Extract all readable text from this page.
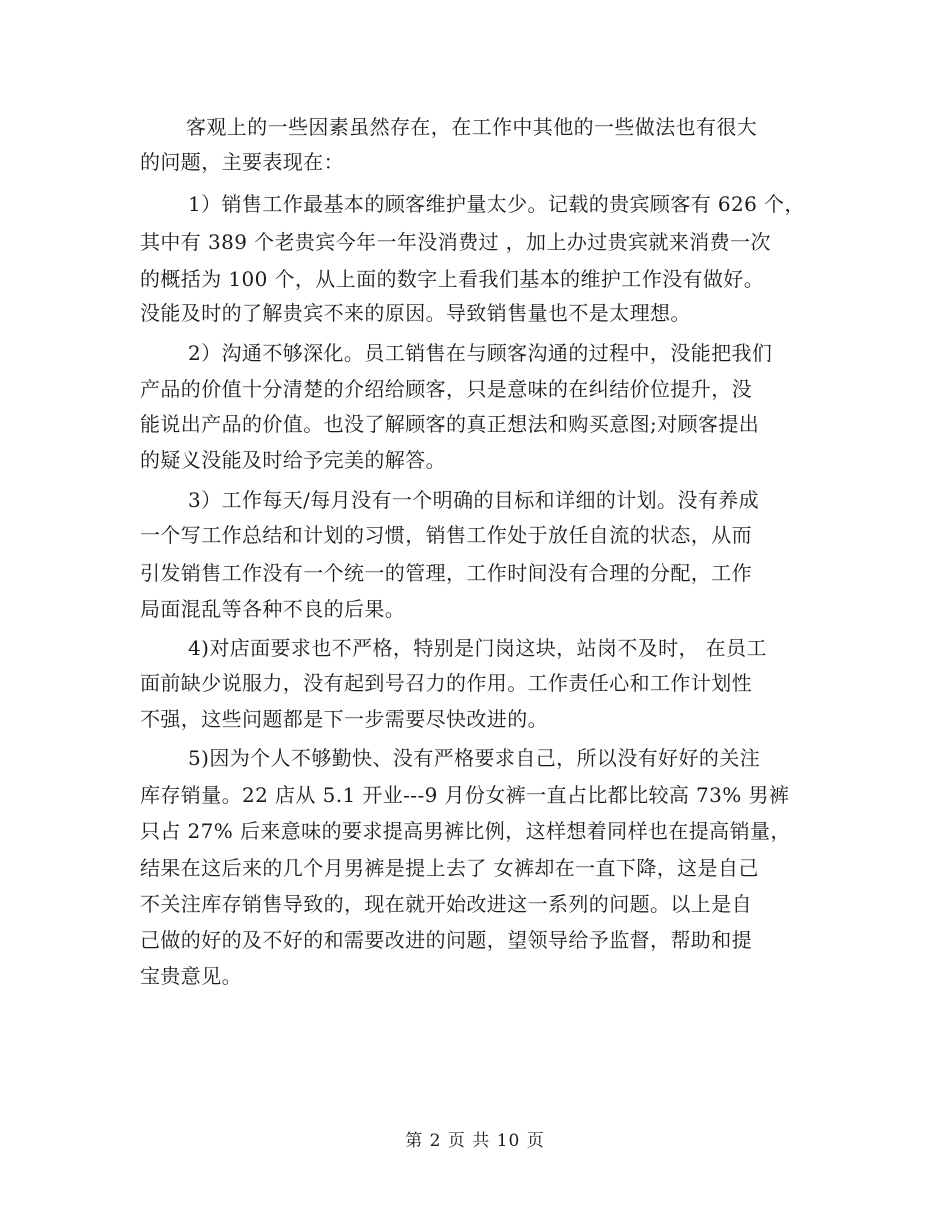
客观上的一些因素虽然存在，在工作中其他的一些做法也有很大
的问题，主要表现在：
1）销售工作最基本的顾客维护量太少。记载的贵宾顾客有 626 个，
其中有 389 个老贵宾今年一年没消费过 ，加上办过贵宾就来消费一次
的概括为 100 个，从上面的数字上看我们基本的维护工作没有做好。
没能及时的了解贵宾不来的原因。导致销售量也不是太理想。
2）沟通不够深化。员工销售在与顾客沟通的过程中，没能把我们
产品的价值十分清楚的介绍给顾客，只是意味的在纠结价位提升，没
能说出产品的价值。也没了解顾客的真正想法和购买意图;对顾客提出
的疑义没能及时给予完美的解答。
3）工作每天/每月没有一个明确的目标和详细的计划。没有养成
一个写工作总结和计划的习惯，销售工作处于放任自流的状态，从而
引发销售工作没有一个统一的管理，工作时间没有合理的分配，工作
局面混乱等各种不良的后果。
4)对店面要求也不严格，特别是门岗这块，站岗不及时， 在员工
面前缺少说服力，没有起到号召力的作用。工作责任心和工作计划性
不强，这些问题都是下一步需要尽快改进的。
5)因为个人不够勤快、没有严格要求自己，所以没有好好的关注
库存销量。22 店从 5.1 开业---9 月份女裤一直占比都比较高 73% 男裤
只占 27% 后来意味的要求提高男裤比例，这样想着同样也在提高销量，
结果在这后来的几个月男裤是提上去了 女裤却在一直下降，这是自己
不关注库存销售导致的，现在就开始改进这一系列的问题。以上是自
己做的好的及不好的和需要改进的问题，望领导给予监督，帮助和提
宝贵意见。
第 2 页 共 10 页
